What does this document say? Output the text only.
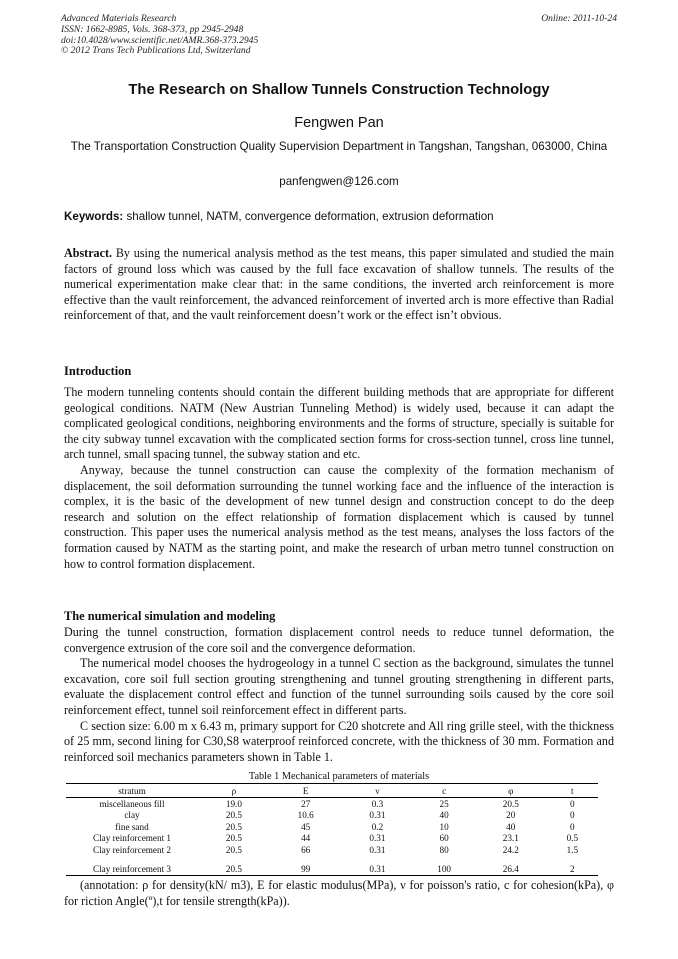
Advanced Materials Research
ISSN: 1662-8985, Vols. 368-373, pp 2945-2948
doi:10.4028/www.scientific.net/AMR.368-373.2945
© 2012 Trans Tech Publications Ltd, Switzerland
Online: 2011-10-24
The Research on Shallow Tunnels Construction Technology
Fengwen Pan
The Transportation Construction Quality Supervision Department in Tangshan, Tangshan, 063000, China
panfengwen@126.com
Keywords: shallow tunnel, NATM, convergence deformation, extrusion deformation

Abstract. By using the numerical analysis method as the test means, this paper simulated and studied the main factors of ground loss which was caused by the full face excavation of shallow tunnels. The results of the numerical experimentation make clear that: in the same conditions, the inverted arch reinforcement is more effective than the vault reinforcement, the advanced reinforcement of inverted arch is more effective than Radial reinforcement of that, and the vault reinforcement doesn’t work or the effect isn’t obvious.

Introduction

The modern tunneling contents should contain the different building methods that are appropriate for different geological conditions. NATM (New Austrian Tunneling Method) is widely used, because it can adapt the complicated geological conditions, neighboring environments and the forms of structure, specially is suitable for the city subway tunnel excavation with the complicated section forms for cross-section tunnel, cross line tunnel, arch tunnel, small spacing tunnel, the subway station and etc.

Anyway, because the tunnel construction can cause the complexity of the formation mechanism of displacement, the soil deformation surrounding the tunnel working face and the influence of the interaction is complex, it is the basic of the development of new tunnel design and construction concept to do the deep research and solution on the effect relationship of formation displacement which is caused by tunnel construction. This paper uses the numerical analysis method as the test means, analyses the loss factors of the formation caused by NATM as the starting point, and make the research of urban metro tunnel construction on how to control formation displacement.

The numerical simulation and modeling

During the tunnel construction, formation displacement control needs to reduce tunnel deformation, the convergence extrusion of the core soil and the convergence deformation.

The numerical model chooses the hydrogeology in a tunnel C section as the background, simulates the tunnel excavation, core soil full section grouting strengthening and tunnel grouting strengthening in different parts, evaluate the displacement control effect and function of the tunnel surrounding soils caused by the core soil reinforcement effect, tunnel soil reinforcement effect in different parts.

C section size: 6.00 m x 6.43 m, primary support for C20 shotcrete and All ring grille steel, with the thickness of 25 mm, second lining for C30,S8 waterproof reinforced concrete, with the thickness of 30 mm. Formation and reinforced soil mechanics parameters shown in Table 1.

Table 1 Mechanical parameters of materials
stratum	ρ	E	ν	c	φ	t
miscellaneous fill	19.0	27	0.3	25	20.5	0
clay	20.5	10.6	0.31	40	20	0
fine sand	20.5	45	0.2	10	40	0
Clay reinforcement 1	20.5	44	0.31	60	23.1	0.5
Clay reinforcement 2	20.5	66	0.31	80	24.2	1.5
Clay reinforcement 3	20.5	99	0.31	100	26.4	2

(annotation: ρ for density(kN/ m3), E for elastic modulus(MPa), ν for poisson's ratio, c for cohesion(kPa), φ for riction Angle(º),t for tensile strength(kPa)).
